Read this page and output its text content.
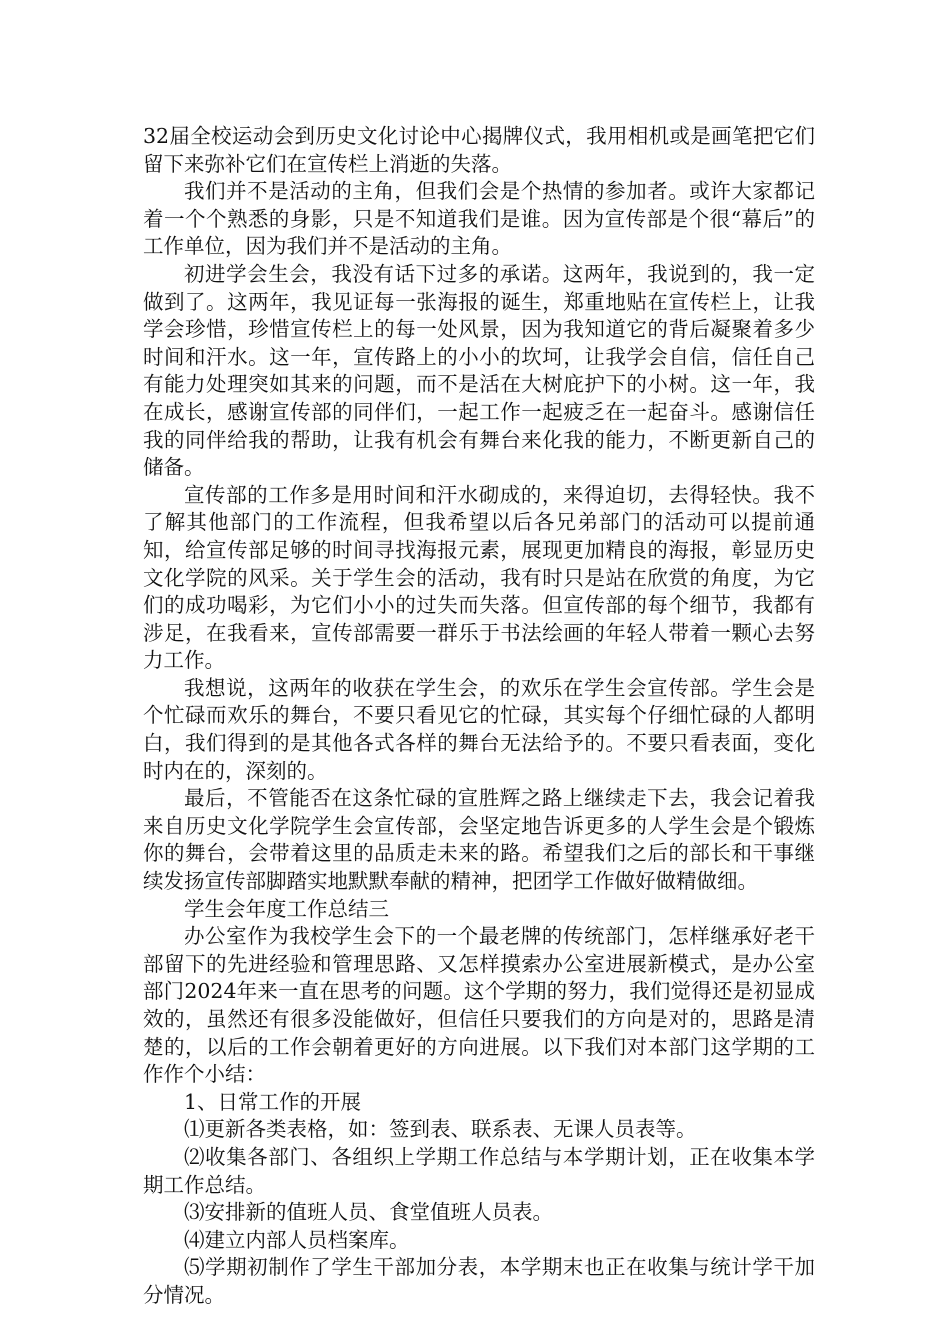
32届全校运动会到历史文化讨论中心揭牌仪式，我用相机或是画笔把它们留下来弥补它们在宣传栏上消逝的失落。

我们并不是活动的主角，但我们会是个热情的参加者。或许大家都记着一个个熟悉的身影，只是不知道我们是谁。因为宣传部是个很“幕后”的工作单位，因为我们并不是活动的主角。

初进学会生会，我没有话下过多的承诺。这两年，我说到的，我一定做到了。这两年，我见证每一张海报的诞生，郑重地贴在宣传栏上，让我学会珍惜，珍惜宣传栏上的每一处风景，因为我知道它的背后凝聚着多少时间和汗水。这一年，宣传路上的小小的坎坷，让我学会自信，信任自己有能力处理突如其来的问题，而不是活在大树庇护下的小树。这一年，我在成长，感谢宣传部的同伴们，一起工作一起疲乏在一起奋斗。感谢信任我的同伴给我的帮助，让我有机会有舞台来化我的能力，不断更新自己的储备。

宣传部的工作多是用时间和汗水砌成的，来得迫切，去得轻快。我不了解其他部门的工作流程，但我希望以后各兄弟部门的活动可以提前通知，给宣传部足够的时间寻找海报元素，展现更加精良的海报，彰显历史文化学院的风采。关于学生会的活动，我有时只是站在欣赏的角度，为它们的成功喝彩，为它们小小的过失而失落。但宣传部的每个细节，我都有涉足，在我看来，宣传部需要一群乐于书法绘画的年轻人带着一颗心去努力工作。

我想说，这两年的收获在学生会，的欢乐在学生会宣传部。学生会是个忙碌而欢乐的舞台，不要只看见它的忙碌，其实每个仔细忙碌的人都明白，我们得到的是其他各式各样的舞台无法给予的。不要只看表面，变化时内在的，深刻的。

最后，不管能否在这条忙碌的宣胜辉之路上继续走下去，我会记着我来自历史文化学院学生会宣传部，会坚定地告诉更多的人学生会是个锻炼你的舞台，会带着这里的品质走未来的路。希望我们之后的部长和干事继续发扬宣传部脚踏实地默默奉献的精神，把团学工作做好做精做细。

学生会年度工作总结三

办公室作为我校学生会下的一个最老牌的传统部门，怎样继承好老干部留下的先进经验和管理思路、又怎样摸索办公室进展新模式，是办公室部门2024年来一直在思考的问题。这个学期的努力，我们觉得还是初显成效的，虽然还有很多没能做好，但信任只要我们的方向是对的，思路是清楚的，以后的工作会朝着更好的方向进展。以下我们对本部门这学期的工作作个小结：

1、日常工作的开展

⑴更新各类表格，如：签到表、联系表、无课人员表等。

⑵收集各部门、各组织上学期工作总结与本学期计划，正在收集本学期工作总结。

⑶安排新的值班人员、食堂值班人员表。

⑷建立内部人员档案库。

⑸学期初制作了学生干部加分表，本学期末也正在收集与统计学干加分情况。
